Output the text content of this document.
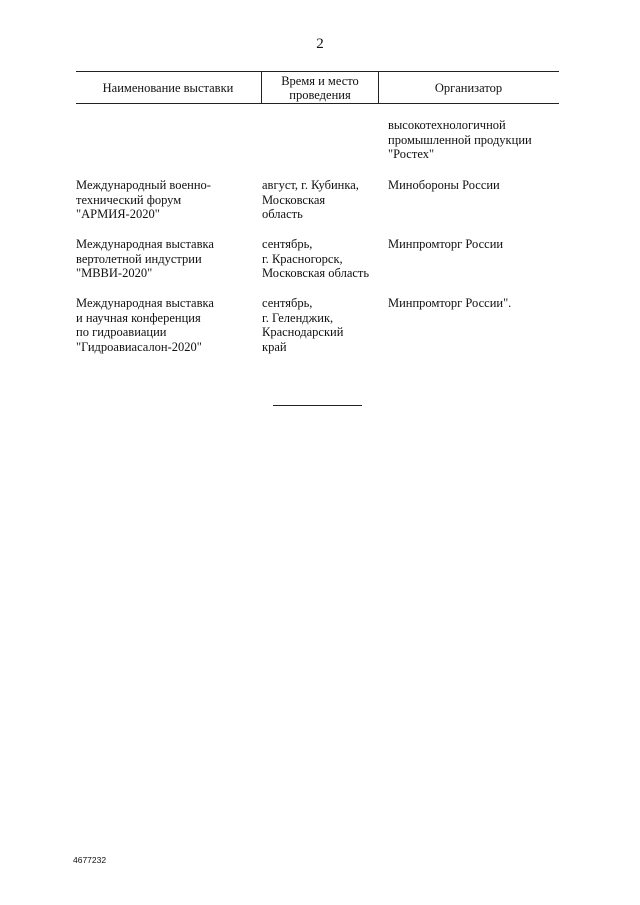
2
Наименование выставки	Время и место
проведения	Организатор
высокотехнологичной
промышленной продукции
"Ростех"
Международный военно-
технический форум
"АРМИЯ-2020"
август, г. Кубинка,
Московская
область
Минобороны России
Международная выставка
вертолетной индустрии
"МВВИ-2020"
сентябрь,
г. Красногорск,
Московская область
Минпромторг России
Международная выставка
и научная конференция
по гидроавиации
"Гидроавиасалон-2020"
сентябрь,
г. Геленджик,
Краснодарский
край
Минпромторг России".
4677232
